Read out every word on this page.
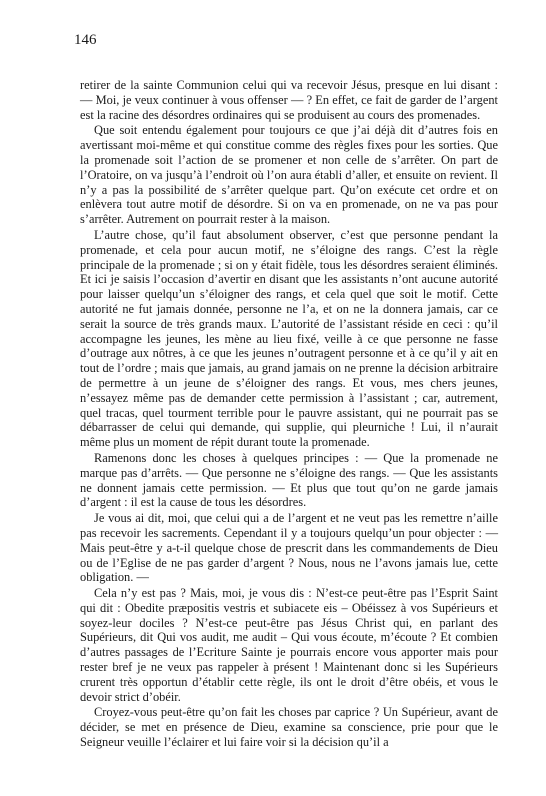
146

retirer de la sainte Communion celui qui va recevoir Jésus, presque en lui disant : — Moi, je veux continuer à vous offenser — ? En effet, ce fait de garder de l’argent est la racine des désordres ordinaires qui se produisent au cours des promenades.

Que soit entendu également pour toujours ce que j’ai déjà dit d’autres fois en avertissant moi-même et qui constitue comme des règles fixes pour les sorties. Que la promenade soit l’action de se promener et non celle de s’arrêter. On part de l’Oratoire, on va jusqu’à l’endroit où l’on aura établi d’aller, et ensuite on revient. Il n’y a pas la possibilité de s’arrêter quelque part. Qu’on exécute cet ordre et on enlèvera tout autre motif de désordre. Si on va en promenade, on ne va pas pour s’arrêter. Autrement on pourrait rester à la maison.

L’autre chose, qu’il faut absolument observer, c’est que personne pendant la promenade, et cela pour aucun motif, ne s’éloigne des rangs. C’est la règle principale de la promenade ; si on y était fidèle, tous les désordres seraient éliminés. Et ici je saisis l’occasion d’avertir en disant que les assistants n’ont aucune autorité pour laisser quelqu’un s’éloigner des rangs, et cela quel que soit le motif. Cette autorité ne fut jamais donnée, personne ne l’a, et on ne la donnera jamais, car ce serait la source de très grands maux. L’autorité de l’assistant réside en ceci : qu’il accompagne les jeunes, les mène au lieu fixé, veille à ce que personne ne fasse d’outrage aux nôtres, à ce que les jeunes n’outragent personne et à ce qu’il y ait en tout de l’ordre ; mais que jamais, au grand jamais on ne prenne la décision arbitraire de permettre à un jeune de s’éloigner des rangs. Et vous, mes chers jeunes, n’essayez même pas de demander cette permission à l’assistant ; car, autrement, quel tracas, quel tourment terrible pour le pauvre assistant, qui ne pourrait pas se débarrasser de celui qui demande, qui supplie, qui pleurniche ! Lui, il n’aurait même plus un moment de répit durant toute la promenade.

Ramenons donc les choses à quelques principes : — Que la promenade ne marque pas d’arrêts. — Que personne ne s’éloigne des rangs. — Que les assistants ne donnent jamais cette permission. — Et plus que tout qu’on ne garde jamais d’argent : il est la cause de tous les désordres.

Je vous ai dit, moi, que celui qui a de l’argent et ne veut pas les remettre n’aille pas recevoir les sacrements. Cependant il y a toujours quelqu’un pour objecter : — Mais peut-être y a-t-il quelque chose de prescrit dans les commandements de Dieu ou de l’Eglise de ne pas garder d’argent ? Nous, nous ne l’avons jamais lue, cette obligation. —

Cela n’y est pas ? Mais, moi, je vous dis : N’est-ce peut-être pas l’Esprit Saint qui dit : Obedite præpositis vestris et subiacete eis – Obéissez à vos Supérieurs et soyez-leur dociles ? N’est-ce peut-être pas Jésus Christ qui, en parlant des Supérieurs, dit Qui vos audit, me audit – Qui vous écoute, m’écoute ? Et combien d’autres passages de l’Ecriture Sainte je pourrais encore vous apporter mais pour rester bref je ne veux pas rappeler à présent ! Maintenant donc si les Supérieurs crurent très opportun d’établir cette règle, ils ont le droit d’être obéis, et vous le devoir strict d’obéir.

Croyez-vous peut-être qu’on fait les choses par caprice ? Un Supérieur, avant de décider, se met en présence de Dieu, examine sa conscience, prie pour que le Seigneur veuille l’éclairer et lui faire voir si la décision qu’il a
